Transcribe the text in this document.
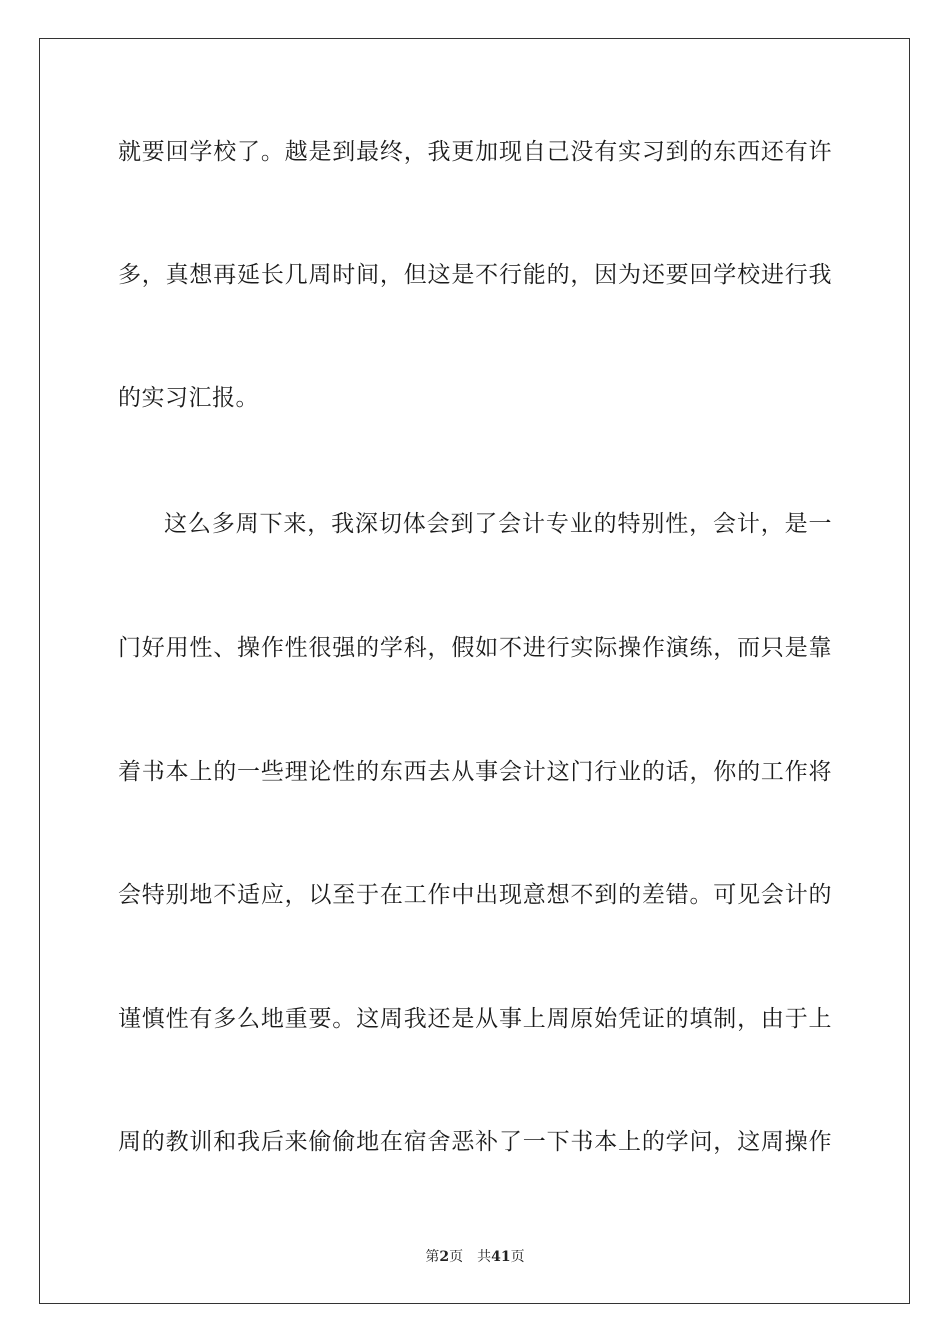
就要回学校了。越是到最终，我更加现自己没有实习到的东西还有许
多，真想再延长几周时间，但这是不行能的，因为还要回学校进行我
的实习汇报。
这么多周下来，我深切体会到了会计专业的特别性，会计，是一
门好用性、操作性很强的学科，假如不进行实际操作演练，而只是靠
着书本上的一些理论性的东西去从事会计这门行业的话，你的工作将
会特别地不适应，以至于在工作中出现意想不到的差错。可见会计的
谨慎性有多么地重要。这周我还是从事上周原始凭证的填制，由于上
周的教训和我后来偷偷地在宿舍恶补了一下书本上的学问，这周操作
第2页 共41页
